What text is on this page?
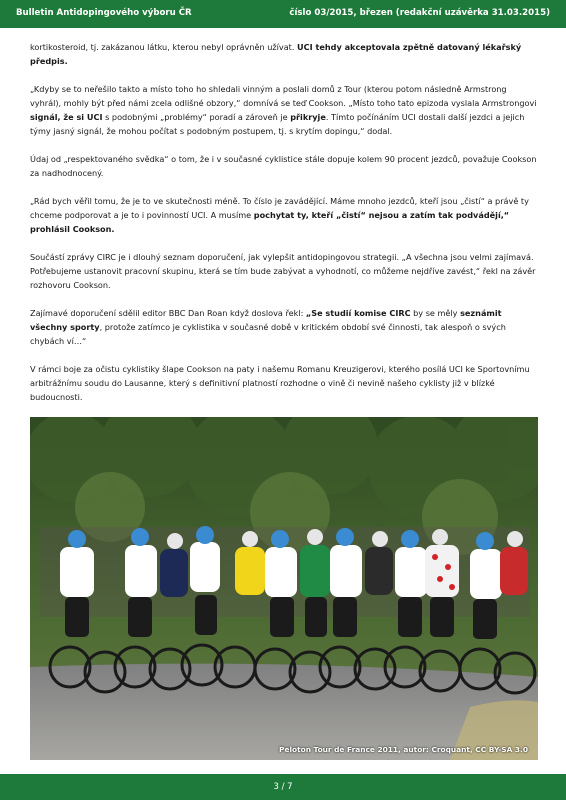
Bulletin Antidopingového výboru ČR	číslo 03/2015, březen (redakční uzávěrka 31.03.2015)

kortikosteroid, tj. zakázanou látku, kterou nebyl oprávněn užívat. UCI tehdy akceptovala zpětně datovaný lékařský předpis.

„Kdyby se to neřešilo takto a místo toho ho shledali vinným a poslali domů z Tour (kterou potom následně Armstrong vyhrál), mohly být před námi zcela odlišné obzory,“ domnívá se teď Cookson. „Místo toho tato epizoda vyslala Armstrongovi signál, že si UCI s podobnými „problémy“ poradí a zároveň je přikryje. Tímto počínáním UCI dostali další jezdci a jejich týmy jasný signál, že mohou počítat s podobným postupem, tj. s krytím dopingu,“ dodal.

Údaj od „respektovaného svědka“ o tom, že i v současné cyklistice stále dopuje kolem 90 procent jezdců, považuje Cookson za nadhodnocený.

„Rád bych věřil tomu, že je to ve skutečnosti méně. To číslo je zavádějící. Máme mnoho jezdců, kteří jsou „čistí“ a právě ty chceme podporovat a je to i povinností UCI. A musíme pochytat ty, kteří „čistí“ nejsou a zatím tak podvádějí,“ prohlásil Cookson.

Součástí zprávy CIRC je i dlouhý seznam doporučení, jak vylepšit antidopingovou strategii. „A všechna jsou velmi zajímavá. Potřebujeme ustanovit pracovní skupinu, která se tím bude zabývat a vyhodnotí, co můžeme nejdříve zavést,“ řekl na závěr rozhovoru Cookson.

Zajímavé doporučení sdělil editor BBC Dan Roan když doslova řekl: „Se studií komise CIRC by se měly seznámit všechny sporty, protože zatímco je cyklistika v současné době v kritickém období své činnosti, tak alespoň o svých chybách ví…“

V rámci boje za očistu cyklistiky šlape Cookson na paty i našemu Romanu Kreuzigerovi, kterého posílá UCI ke Sportovnímu arbitrážnímu soudu do Lausanne, který s definitivní platností rozhodne o vině či nevině našeho cyklisty již v blízké budoucnosti.

Peloton Tour de France 2011, autor: Croquant, CC BY-SA 3.0
3 / 7
